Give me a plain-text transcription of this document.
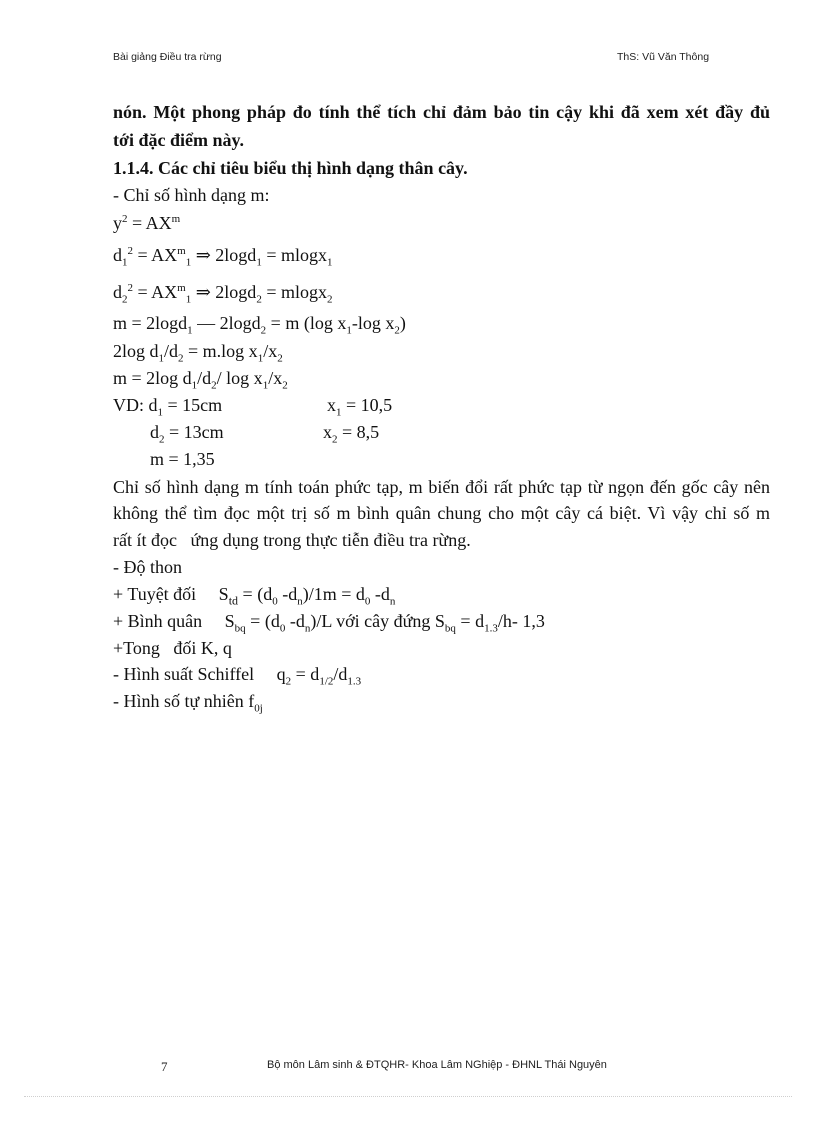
Bài giảng Điều tra rừng	ThS: Vũ Văn Thông
nón. Một phong pháp đo tính thể tích chỉ đảm bảo tin cậy khi đã xem xét đầy đủ
tới đặc điểm này.
1.1.4. Các chỉ tiêu biểu thị hình dạng thân cây.
- Chỉ số hình dạng m:
$y^2 = AX^m$
$d_1^2 = AX^m_1$ ⇒ 2logd$_1$ = mlogx$_1$
$d_2^2 = AX^m_1$ ⇒ 2logd$_2$ = mlogx$_2$
m = 2logd$_1$ — 2logd$_2$ = m (log $x_1-\log$ $x_2$)
2log $d_1/d_2 = m.\log$ $x_1/x_2$
m = 2log $d_1/d_2/$ $\log x_1/x_2$
VD: $d_1 = 15cm$	$x_1 = 10,5$
$d_2 = 13cm$	$x_2 = 8,5$
m = 1,35
Chỉ số hình dạng m tính toán phức tạp, m biến đổi rất phức tạp từ ngọn đến gốc cây nên
không thể tìm đọc một trị số m bình quân chung cho một cây cá biệt. Vì vậy chỉ số m
rất ít đọc   ứng dụng trong thực tiễn điều tra rừng.
- Độ thon
+ Tuyệt đối     $S_{td} = (d_0$ $-d_n)/1m = d_0$ $-d_n$
+ Bình quân     $S_{bq} = (d_0$ $-d_n)/L$ với cây đứng $S_{bq} = d_{1.3}/h-$ 1,3
+Tong   đối K, q
- Hình suất Schiffel     $q_2 = d_{1/2}/d_{1.3}$
- Hình số tự nhiên $f_{0j}$
7	Bộ môn Lâm sinh & ĐTQHR- Khoa Lâm NGhiệp - ĐHNL Thái Nguyên
